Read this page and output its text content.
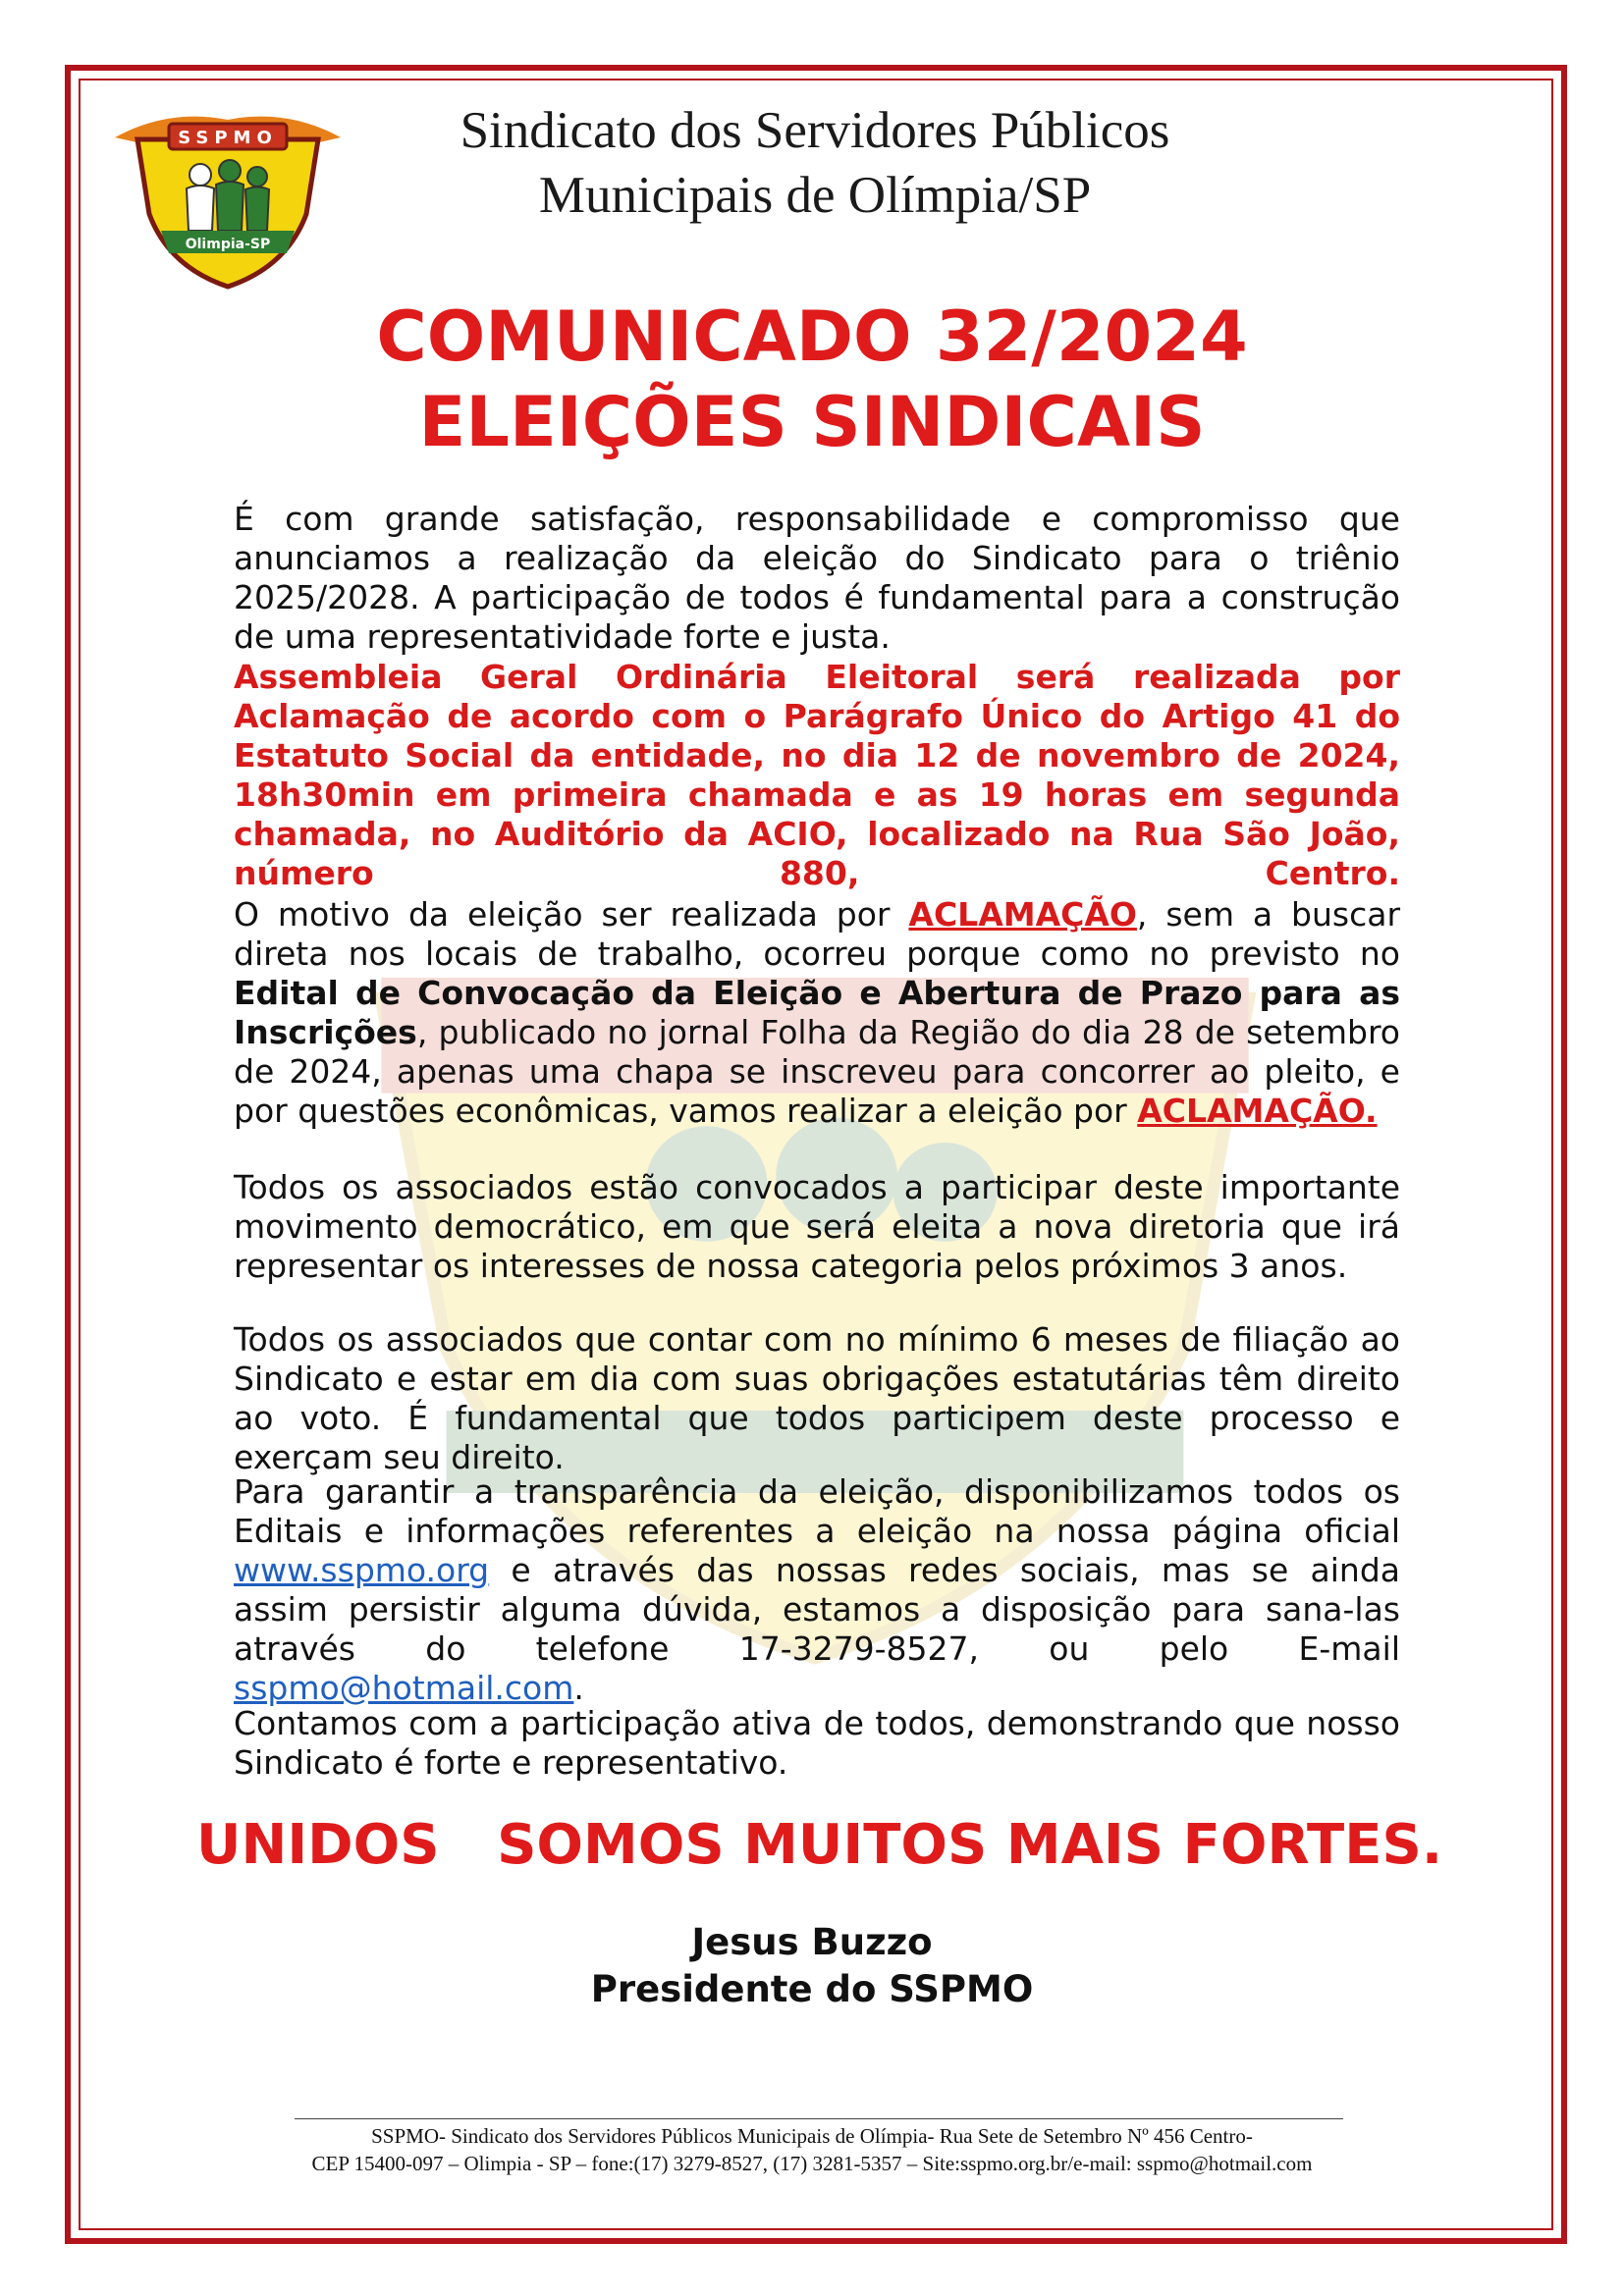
SSPMO
Olimpia-SP
Sindicato dos Servidores Públicos
Municipais de Olímpia/SP
COMUNICADO 32/2024
ELEIÇÕES SINDICAIS
É com grande satisfação, responsabilidade e compromisso que anunciamos a realização da eleição do Sindicato para o triênio 2025/2028. A participação de todos é fundamental para a construção de uma representatividade forte e justa.
Assembleia Geral Ordinária Eleitoral será realizada por Aclamação de acordo com o Parágrafo Único do Artigo 41 do Estatuto Social da entidade, no dia 12 de novembro de 2024, 18h30min em primeira chamada e as 19 horas em segunda chamada, no Auditório da ACIO, localizado na Rua São João, número 880, Centro.
O motivo da eleição ser realizada por ACLAMAÇÃO, sem a buscar direta nos locais de trabalho, ocorreu porque como no previsto no Edital de Convocação da Eleição e Abertura de Prazo para as Inscrições, publicado no jornal Folha da Região do dia 28 de setembro de 2024, apenas uma chapa se inscreveu para concorrer ao pleito, e por questões econômicas, vamos realizar a eleição por ACLAMAÇÃO.
Todos os associados estão convocados a participar deste importante movimento democrático, em que será eleita a nova diretoria que irá representar os interesses de nossa categoria pelos próximos 3 anos.
Todos os associados que contar com no mínimo 6 meses de filiação ao Sindicato e estar em dia com suas obrigações estatutárias têm direito ao voto. É fundamental que todos participem deste processo e exerçam seu direito.
Para garantir a transparência da eleição, disponibilizamos todos os Editais e informações referentes a eleição na nossa página oficial www.sspmo.org e através das nossas redes sociais, mas se ainda assim persistir alguma dúvida, estamos a disposição para sana-las através do telefone 17-3279-8527, ou pelo E-mail sspmo@hotmail.com.
Contamos com a participação ativa de todos, demonstrando que nosso Sindicato é forte e representativo.
UNIDOS   SOMOS MUITOS MAIS FORTES.
Jesus Buzzo
Presidente do SSPMO
SSPMO- Sindicato dos Servidores Públicos Municipais de Olímpia- Rua Sete de Setembro Nº 456 Centro-
CEP 15400-097 – Olimpia - SP – fone:(17) 3279-8527, (17) 3281-5357 – Site:sspmo.org.br/e-mail: sspmo@hotmail.com
